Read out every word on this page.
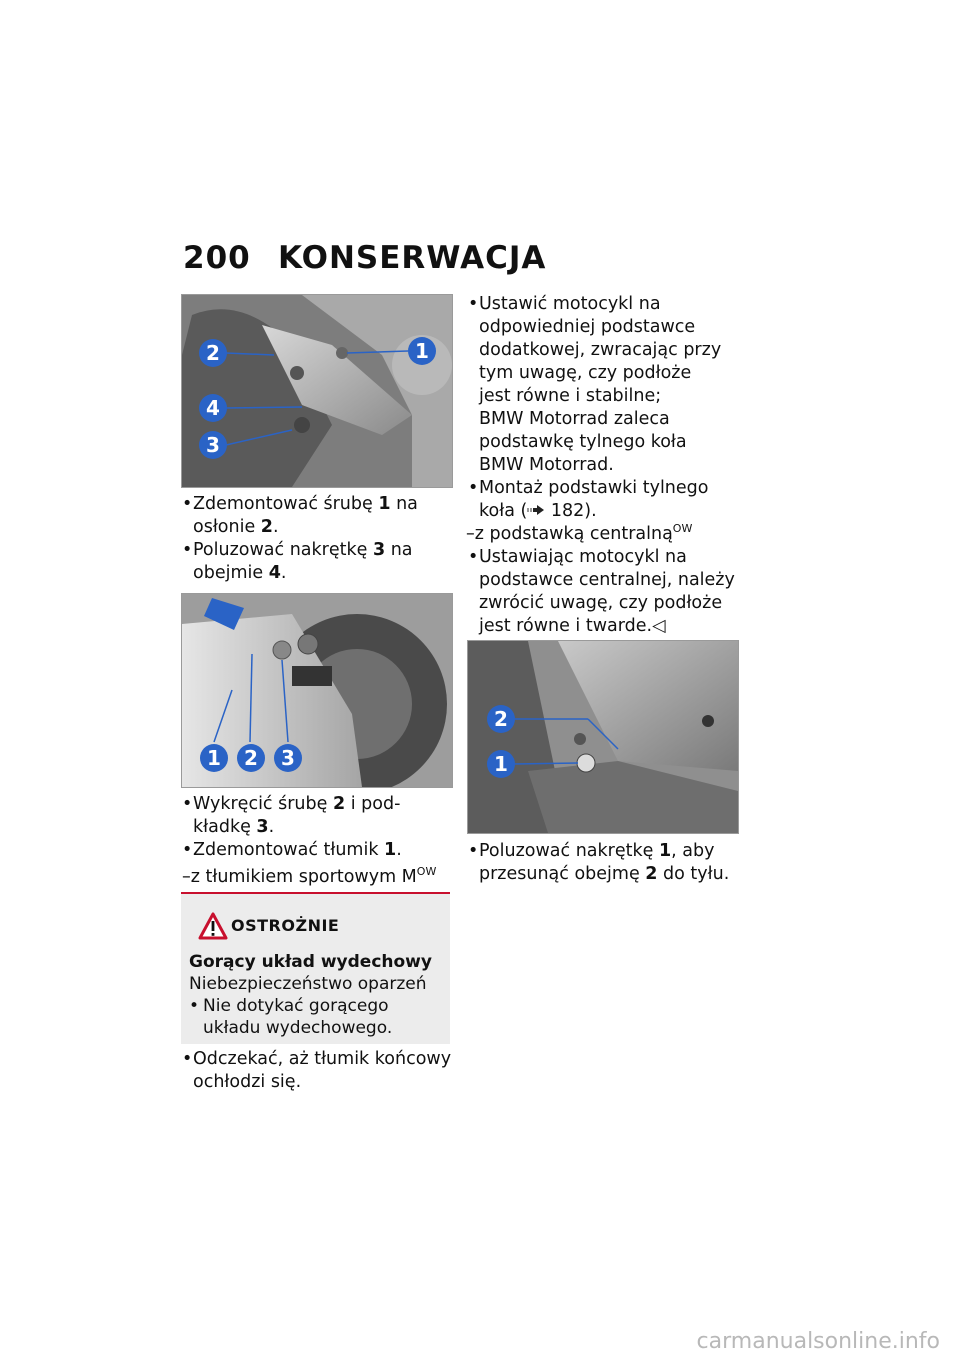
200 KONSERWACJA
2	1
4
3
• Zdemontować śrubę 1 na
osłonie 2.
• Poluzować nakrętkę 3 na
obejmie 4.
1 2 3
• Wykręcić śrubę 2 i pod-
kładkę 3.
• Zdemontować tłumik 1.
–z tłumikiem sportowym $M^{OW}$
OSTROŻNIE
Gorący układ wydechowy
Niebezpieczeństwo oparzeń
• Nie dotykać gorącego
układu wydechowego.
• Odczekać, aż tłumik końcowy
ochłodzi się.
• Ustawić motocykl na
odpowiedniej podstawce
dodatkowej, zwracając przy
tym uwagę, czy podłoże
jest równe i stabilne;
BMW Motorrad zaleca
podstawkę tylnego koła
BMW Motorrad.
• Montaż podstawki tylnego
koła ( 182).
–z podstawką centralną$^{OW}$
• Ustawiając motocykl na
podstawce centralnej, należy
zwrócić uwagę, czy podłoże
jest równe i twarde.◁
2
1
• Poluzować nakrętkę 1, aby
przesunąć obejmę 2 do tyłu.
carmanualsonline.info
